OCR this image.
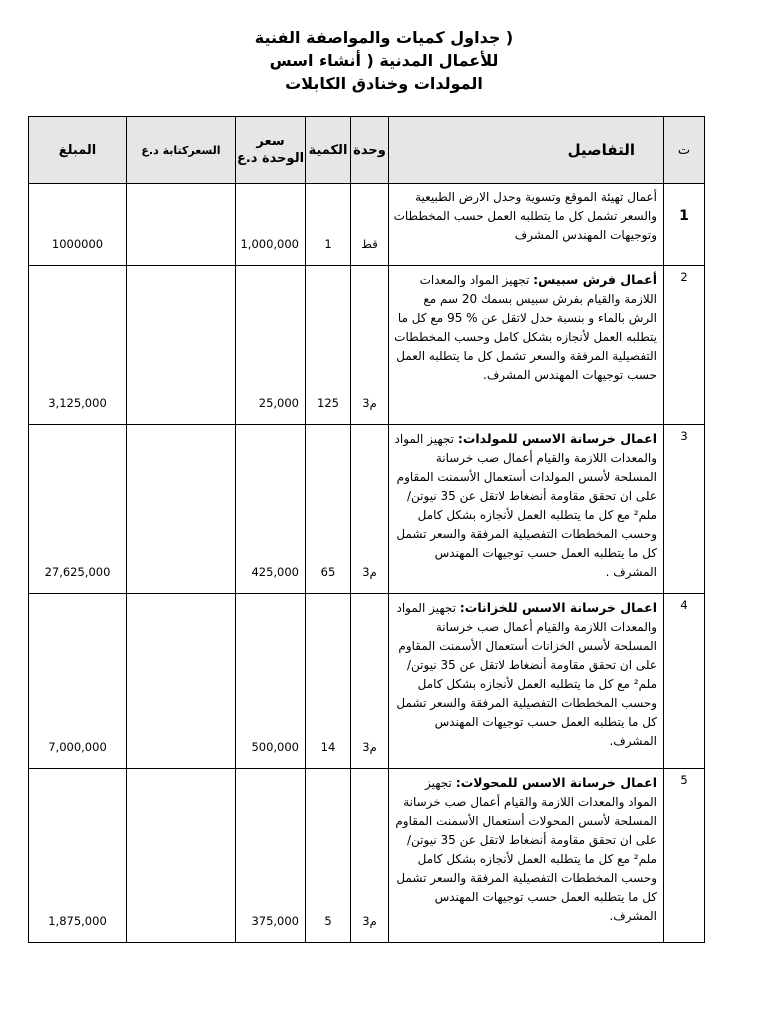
جداول كميات والمواصفة الفنية )
للأعمال المدنية ( أنشاء اسس
المولدات وخنادق الكابلات
المبلغ	السعركتابة د.ع	سعر الوحدة د.ع	الكمية	وحدة	التفاصيل	ت
1000000		1,000,000	1	قط	أعمال تهيئة الموقع وتسوية وحدل الارض الطبيعية والسعر تشمل كل ما يتطلبه العمل حسب المخططات وتوجيهات المهندس المشرف	1
3,125,000		25,000	125	م3	أعمال فرش سبيس: تجهيز المواد والمعدات اللازمة والقيام بفرش سبيس بسمك 20 سم مع الرش بالماء و بنسبة حدل لاتقل عن % 95 مع كل ما يتطلبه العمل لأنجازه بشكل كامل وحسب المخططات التفصيلية المرفقة والسعر تشمل كل ما يتطلبه العمل حسب توجيهات المهندس المشرف.	2
27,625,000		425,000	65	م3	اعمال خرسانة الاسس للمولدات: تجهيز المواد والمعدات اللازمة والقيام أعمال صب خرسانة المسلحة لأسس المولدات أستعمال الأسمنت المقاوم على ان تحقق مقاومة أنضغاط لاتقل عن 35 نيوتن/ملم² مع كل ما يتطلبه العمل لأنجازه بشكل كامل وحسب المخططات التفصيلية المرفقة والسعر تشمل كل ما يتطلبه العمل حسب توجيهات المهندس المشرف .	3
7,000,000		500,000	14	م3	اعمال خرسانة الاسس للخزانات: تجهيز المواد والمعدات اللازمة والقيام أعمال صب خرسانة المسلحة لأسس الخزانات أستعمال الأسمنت المقاوم على ان تحقق مقاومة أنضغاط لاتقل عن 35 نيوتن/ملم² مع كل ما يتطلبه العمل لأنجازه بشكل كامل وحسب المخططات التفصيلية المرفقة والسعر تشمل كل ما يتطلبه العمل حسب توجيهات المهندس المشرف.	4
1,875,000		375,000	5	م3	اعمال خرسانة الاسس للمحولات: تجهيز المواد والمعدات اللازمة والقيام أعمال صب خرسانة المسلحة لأسس المحولات أستعمال الأسمنت المقاوم على ان تحقق مقاومة أنضغاط لاتقل عن 35 نيوتن/ملم² مع كل ما يتطلبه العمل لأنجازه بشكل كامل وحسب المخططات التفصيلية المرفقة والسعر تشمل كل ما يتطلبه العمل حسب توجيهات المهندس المشرف.	5
